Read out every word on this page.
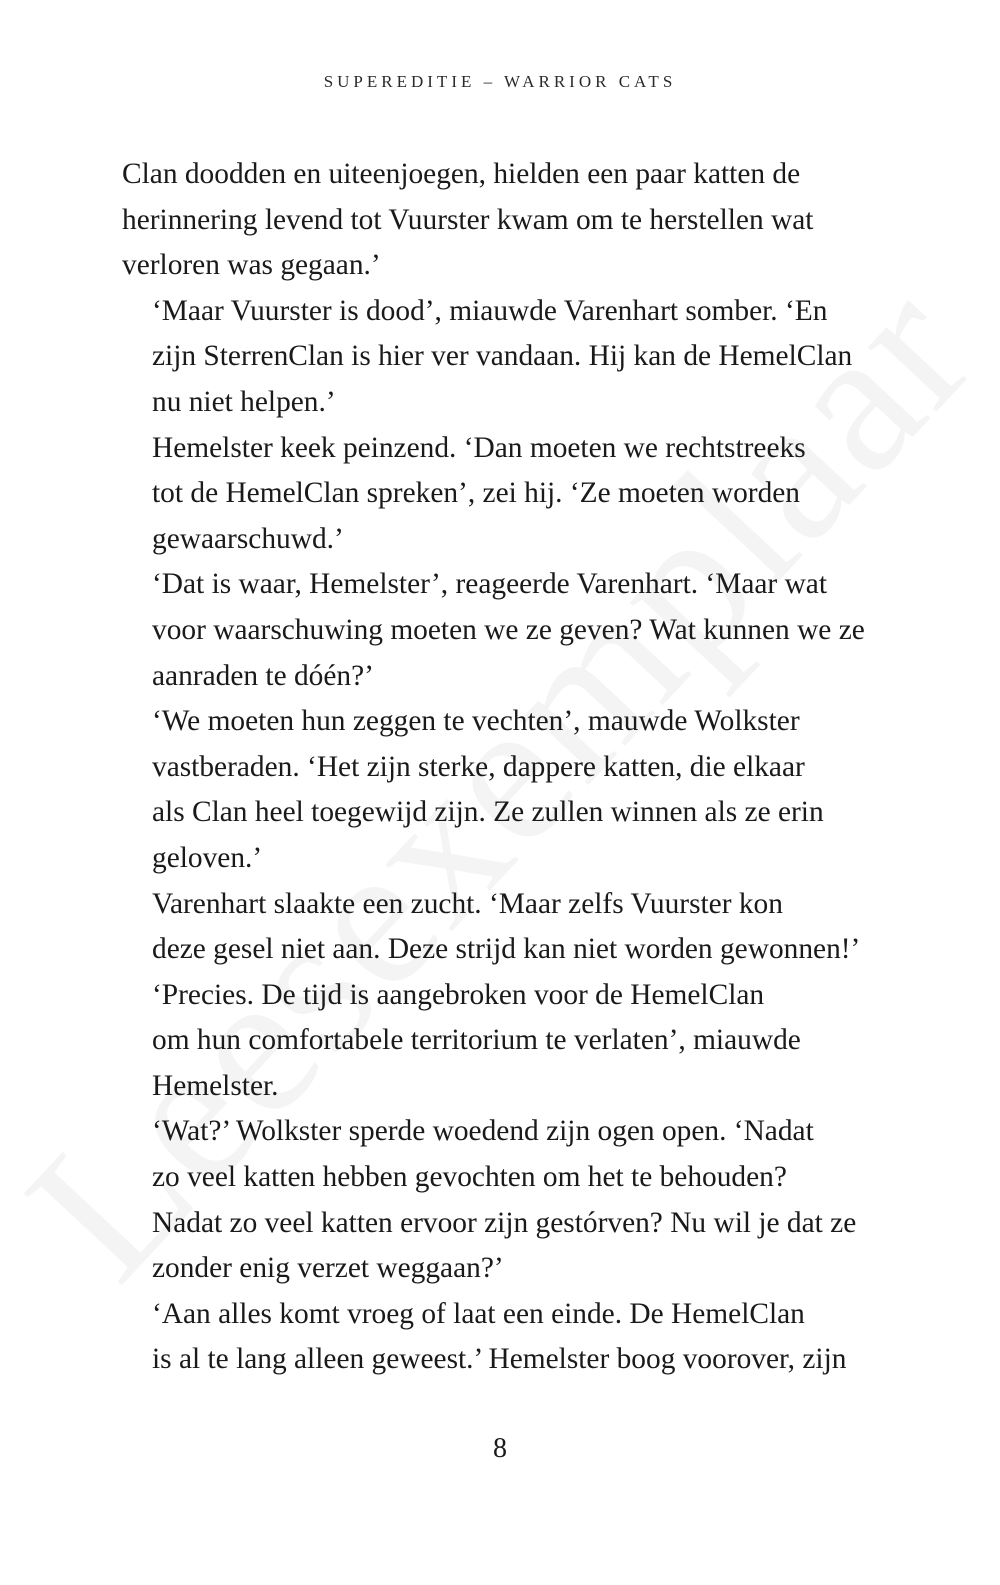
SUPEREDITIE – WARRIOR CATS

Clan doodden en uiteenjoegen, hielden een paar katten de
herinnering levend tot Vuurster kwam om te herstellen wat
verloren was gegaan.’

‘Maar Vuurster is dood’, miauwde Varenhart somber. ‘En
zijn SterrenClan is hier ver vandaan. Hij kan de HemelClan
nu niet helpen.’

Hemelster keek peinzend. ‘Dan moeten we rechtstreeks
tot de HemelClan spreken’, zei hij. ‘Ze moeten worden
gewaarschuwd.’

‘Dat is waar, Hemelster’, reageerde Varenhart. ‘Maar wat
voor waarschuwing moeten we ze geven? Wat kunnen we ze
aanraden te dóén?’

‘We moeten hun zeggen te vechten’, mauwde Wolkster
vastberaden. ‘Het zijn sterke, dappere katten, die elkaar
als Clan heel toegewijd zijn. Ze zullen winnen als ze erin
geloven.’

Varenhart slaakte een zucht. ‘Maar zelfs Vuurster kon
deze gesel niet aan. Deze strijd kan niet worden gewonnen!’

‘Precies. De tijd is aangebroken voor de HemelClan
om hun comfortabele territorium te verlaten’, miauwde
Hemelster.

‘Wat?’ Wolkster sperde woedend zijn ogen open. ‘Nadat
zo veel katten hebben gevochten om het te behouden?
Nadat zo veel katten ervoor zijn gestórven? Nu wil je dat ze
zonder enig verzet weggaan?’

‘Aan alles komt vroeg of laat een einde. De HemelClan
is al te lang alleen geweest.’ Hemelster boog voorover, zijn

8
